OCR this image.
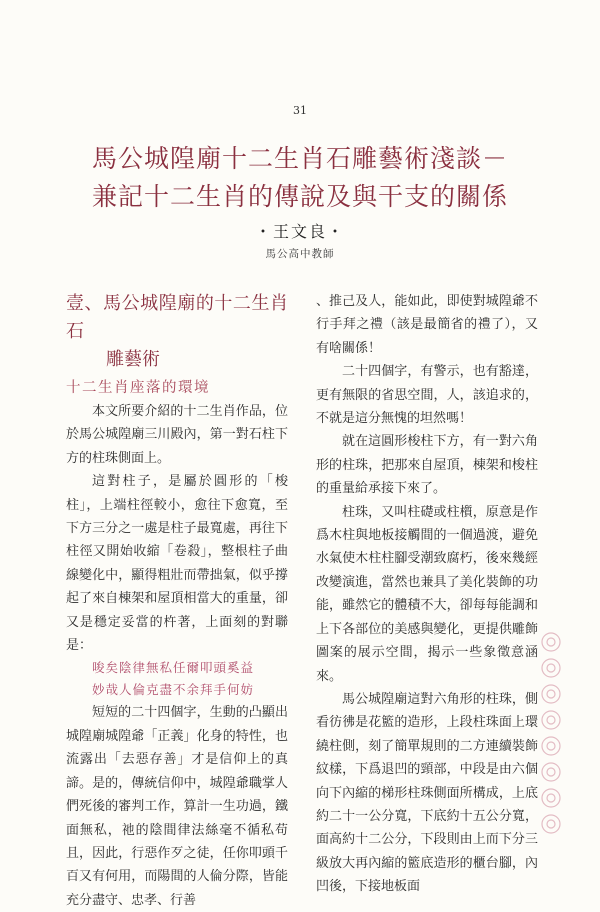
31
馬公城隍廟十二生肖石雕藝術淺談－
兼記十二生肖的傳說及與干支的關係
・王文良・
馬公高中教師
壹、馬公城隍廟的十二生肖石
雕藝術
十二生肖座落的環境

本文所要介紹的十二生肖作品，位於馬公城隍廟三川殿內，第一對石柱下方的柱珠側面上。

這對柱子，是屬於圓形的「梭柱」，上端柱徑較小，愈往下愈寬，至下方三分之一處是柱子最寬處，再往下柱徑又開始收縮「卷殺」，整根柱子曲線變化中，顯得粗壯而帶拙氣，似乎撐起了來自棟架和屋頂相當大的重量，卻又是穩定妥當的杵著，上面刻的對聯是：

唆矣陰律無私任爾叩頭奚益

妙哉人倫克盡不余拜手何妨

短短的二十四個字，生動的凸顯出城隍廟城隍爺「正義」化身的特性，也流露出「去惡存善」才是信仰上的真諦。是的，傳統信仰中，城隍爺職掌人們死後的審判工作，算計一生功過，鐵面無私，祂的陰間律法絲毫不循私苟且，因此，行惡作歹之徒，任你叩頭千百又有何用，而陽間的人倫分際，皆能充分盡守、忠孝、行善

、推己及人，能如此，即使對城隍爺不行手拜之禮（該是最簡省的禮了），又有啥關係！

二十四個字，有警示，也有豁達，更有無限的省思空間，人，該追求的，不就是這分無愧的坦然嗎！

就在這圓形梭柱下方，有一對六角形的柱珠，把那來自屋頂，棟架和梭柱的重量給承接下來了。

柱珠，又叫柱礎或柱櫍，原意是作爲木柱與地板接觸間的一個過渡，避免水氣使木柱柱腳受潮致腐朽，後來幾經改變演進，當然也兼具了美化裝飾的功能，雖然它的體積不大，卻每每能調和上下各部位的美感與變化，更提供雕飾圖案的展示空間，揭示一些象徵意涵來。

馬公城隍廟這對六角形的柱珠，側看彷彿是花籃的造形，上段柱珠面上環繞柱側，刻了簡單規則的二方連續裝飾紋樣，下爲退凹的頸部，中段是由六個向下內縮的梯形柱珠側面所構成，上底約二十一公分寬，下底約十五公分寬，面高約十二公分，下段則由上而下分三級放大再內縮的籃底造形的櫃台腳，內凹後，下接地板面
